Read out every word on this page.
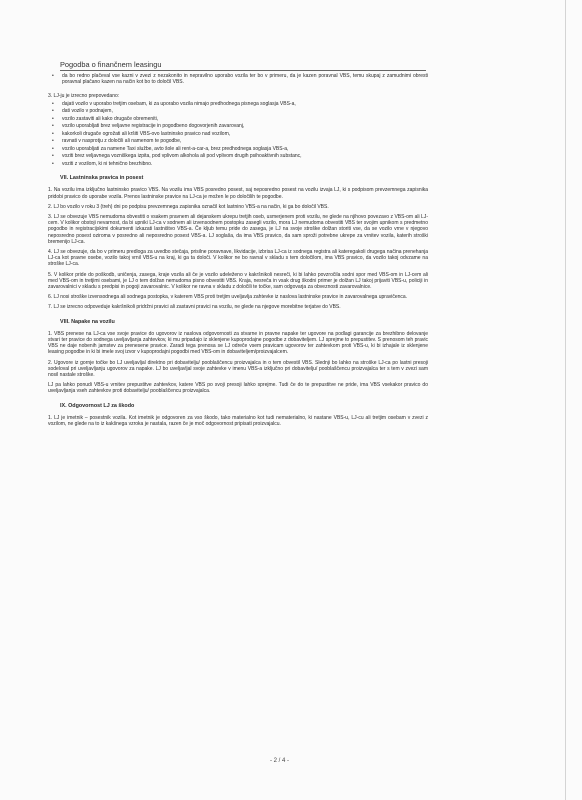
Pogodba o finančnem leasingu
• da bo redno plačeval vse kazni v zvezi z nezakonito in nepravilno uporabo vozila ter bo v primeru, da je kazen poravnal VBS, temu skupaj z zamudnimi obresti poravnal plačano kazen na način kot bo to določil VBS.
3. LJ-ju je izrecno prepovedano:
• dajati vozilo v uporabo tretjim osebam, ki za uporabo vozila nimajo predhodnega pisnega soglasja VBS-a,
• dati vozilo v podnajem,
• vozilo zastaviti ali kako drugače obremeniti,
• vozilo uporabljati brez veljavne registracije in pogodbeno dogovorjenih zavarovanj,
• kakorkoli drugače ogrožati ali kršiti VBS-ovo lastninsko pravico nad vozilom,
• ravnati v nasprotju z določili ali namenom te pogodbe,
• vozilo uporabljati za namene Taxi službe, avto šole ali rent-a-car-a, brez predhodnega soglasja VBS-a,
• voziti brez veljavnega vozniškega izpita, pod vplivom alkohola ali pod vplivom drugih psihoaktivnih substanc,
• voziti z vozilom, ki ni tehnično brezhibno.
VII. Lastninska pravica in posest
1. Na vozilu ima izključno lastninsko pravico VBS. Na vozilu ima VBS posredno posest, saj neposredno posest na vozilu izvaja LJ, ki s podpisom prevzemnega zapisnika pridobi pravico do uporabe vozila. Prenos lastninske pravice na LJ-ca je možen le po določilih te pogodbe.
2. LJ bo vozilo v roku 3 (treh) dni po podpisu prevzemnega zapisnika označil kot lastnino VBS-a na način, ki ga bo določil VBS.
3. LJ se obvezuje VBS nemudoma obvestiti o vsakem pravnem ali dejanskem ukrepu tretjih oseb, usmerjenem proti vozilu, ne glede na njihovo povezavo z VBS-om ali LJ-cem. V kolikor obstoji nevarnost, da bi upniki LJ-ca v sodnem ali izvensodnem postopku zasegli vozilo, mora LJ nemudoma obvestiti VBS ter svojim upnikom s predmetno pogodbo in registracijskimi dokumenti izkazati lastništvo VBS-a. Če kljub temu pride do zasega, je LJ na svoje stroške dolžan storiti vse, da se vozilo vrne v njegovo neposredno posest oziroma v posredno ali neposredno posest VBS-a. LJ soglaša, da ima VBS pravico, da sam sproži potrebne ukrepe za vrnitev vozila, katerih stroški bremenijo LJ-ca.
4. LJ se obvezuje, da bo v primeru predloga za uvedbo stečaja, prisilne poravnave, likvidacije, izbrisa LJ-ca iz sodnega registra ali kateregakoli drugega načina prenehanja LJ-ca kot pravne osebe, vozilo takoj vrnil VBS-u na kraj, ki ga ta določi. V kolikor ne bo ravnal v skladu s tem določilom, ima VBS pravico, da vozilo takoj odvzame na stroške LJ-ca.
5. V kolikor pride do poškodb, uničenja, zasega, kraje vozila ali če je vozilo udeleženo v kakršnikoli nesreči, ki bi lahko povzročila sodni spor med VBS-om in LJ-cem ali med VBS-om in tretjimi osebami, je LJ o tem dolžan nemudoma pisno obvestiti VBS. Kraja, nesreča in vsak drug škodni primer je dolžan LJ takoj prijaviti VBS-u, policiji in zavarovalnici v skladu s predpisi in pogoji zavarovalnic. V kolikor ne ravna v skladu z določili te točke, sam odgovarja za obveznosti zavarovalnice.
6. LJ nosi stroške izvensodnega ali sodnega postopka, v katerem VBS proti tretjim uveljavlja zahtevke iz naslova lastninske pravice in zavarovalnega upravičenca.
7. LJ se izrecno odpoveduje kakršnikoli pridržni pravici ali zastavni pravici na vozilu, ne glede na njegove morebitne terjatve do VBS.
VIII. Napake na vozilu
1. VBS prenese na LJ-ca vse svoje pravice do ugovorov iz naslova odgovornosti za stvarne in pravne napake ter ugovore na podlagi garancije za brezhibno delovanje stvari ter pravice do sodnega uveljavljanja zahtevkov, ki mu pripadajo iz sklenjene kupoprodajne pogodbe z dobaviteljem. LJ sprejme to prepustitev. S prenosom teh pravic VBS ne daje nobenih jamstev za prenesene pravice. Zaradi tega prenosa se LJ odreče vsem pravicam ugovorov ter zahtevkom proti VBS-u, ki bi izhajale iz sklenjene leasing pogodbe in ki bi imele svoj izvor v kupoprodajni pogodbi med VBS-om in dobaviteljem/proizvajalcem.
2. Ugovore iz gornje točke bo LJ uveljavljal direktno pri dobavitelju/ pooblaščencu proizvajalca in o tem obvestil VBS. Slednji bo lahko na stroške LJ-ca po lastni presoji sodeloval pri uveljavljanju ugovorov za napake. LJ bo uveljavljal svoje zahtevke v imenu VBS-a izključno pri dobavitelju/ pooblaščencu proizvajalca ter s tem v zvezi sam nosil nastale stroške.
LJ pa lahko ponudi VBS-u vrnitev prepustitve zahtevkov, katere VBS po svoji presoji lahko sprejme. Tudi če do te prepustitve ne pride, ima VBS vsekakor pravico do uveljavljanja vseh zahtevkov proti dobavitelju/ pooblaščencu proizvajalca.
IX. Odgovornost LJ za škodo
1. LJ je imetnik – posestnik vozila. Kot imetnik je odgovoren za vso škodo, tako materialno kot tudi nematerialno, ki nastane VBS-u, LJ-cu ali tretjim osebam v zvezi z vozilom, ne glede na to iz kakšnega vzroka je nastala, razen če je moč odgovornost pripisati proizvajalcu.
- 2 / 4 -
